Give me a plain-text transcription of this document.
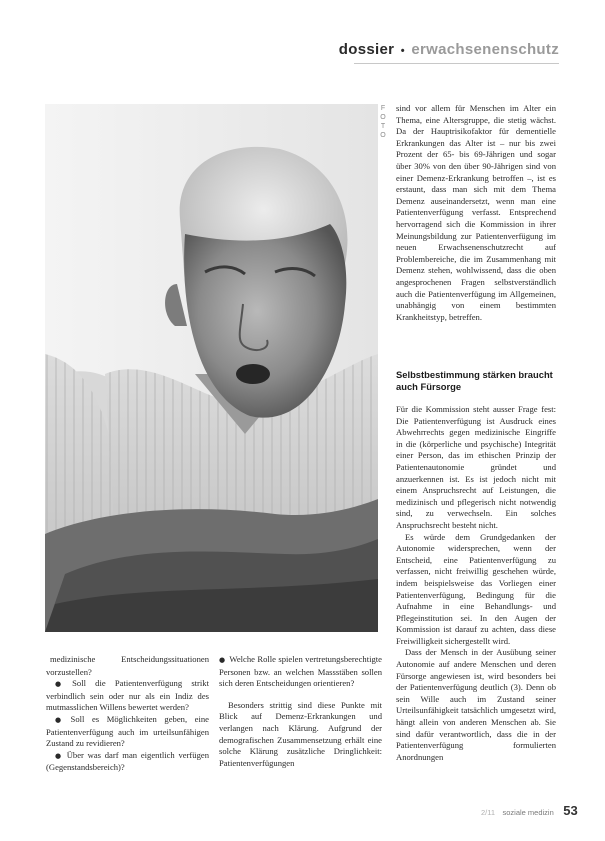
dossier • erwachsenenschutz
F
O
T
O

sind vor allem für Menschen im Alter ein Thema, eine Altersgruppe, die stetig wächst. Da der Hauptrisikofaktor für dementielle Erkrankungen das Alter ist – nur bis zwei Prozent der 65- bis 69-Jährigen und sogar über 30% von den über 90-Jährigen sind von einer Demenz-Erkrankung betroffen –, ist es erstaunt, dass man sich mit dem Thema Demenz auseinandersetzt, wenn man eine Patientenverfügung verfasst. Entsprechend hervorragend sich die Kommission in ihrer Meinungsbildung zur Patientenverfügung im neuen Erwachsenenschutzrecht auf Problembereiche, die im Zusammenhang mit Demenz stehen, wohlwissend, dass die oben angesprochenen Fragen selbstverständlich auch die Patientenverfügung im Allgemeinen, unabhängig von einem bestimmten Krankheitstyp, betreffen.

Selbstbestimmung stärken braucht auch Fürsorge

Für die Kommission steht ausser Frage fest: Die Patientenverfügung ist Ausdruck eines Abwehrrechts gegen medizinische Eingriffe in die (körperliche und psychische) Integrität einer Person, das im ethischen Prinzip der Patientenautonomie gründet und anzuerkennen ist. Es ist jedoch nicht mit einem Anspruchsrecht auf Leistungen, die medizinisch und pflegerisch nicht notwendig sind, zu verwechseln. Ein solches Anspruchsrecht besteht nicht.

Es würde dem Grundgedanken der Autonomie widersprechen, wenn der Entscheid, eine Patientenverfügung zu verfassen, nicht freiwillig geschehen würde, indem beispielsweise das Vorliegen einer Patientenverfügung, Bedingung für die Aufnahme in eine Behandlungs- und Pflegeinstitution sei. In den Augen der Kommission ist darauf zu achten, dass diese Freiwilligkeit sichergestellt wird.

Dass der Mensch in der Ausübung seiner Autonomie auf andere Menschen und deren Fürsorge angewiesen ist, wird besonders bei der Patientenverfügung deutlich (3). Denn ob sein Wille auch im Zustand seiner Urteilsunfähigkeit tatsächlich umgesetzt wird, hängt allein von anderen Menschen ab. Sie sind dafür verantwortlich, dass die in der Patientenverfügung formulierten Anordnungen

medizinische Entscheidungssituationen vorzustellen?

● Soll die Patientenverfügung strikt verbindlich sein oder nur als ein Indiz des mutmasslichen Willens bewertet werden?

● Soll es Möglichkeiten geben, eine Patientenverfügung auch im urteilsunfähigen Zustand zu revidieren?

● Über was darf man eigentlich verfügen (Gegenstandsbereich)?

● Welche Rolle spielen vertretungsberechtigte Personen bzw. an welchen Massstäben sollen sich deren Entscheidungen orientieren?

Besonders strittig sind diese Punkte mit Blick auf Demenz-Erkrankungen und verlangen nach Klärung. Aufgrund der demografischen Zusammensetzung erhält eine solche Klärung zusätzliche Dringlichkeit: Patientenverfügungen

2/11 soziale medizin 53
